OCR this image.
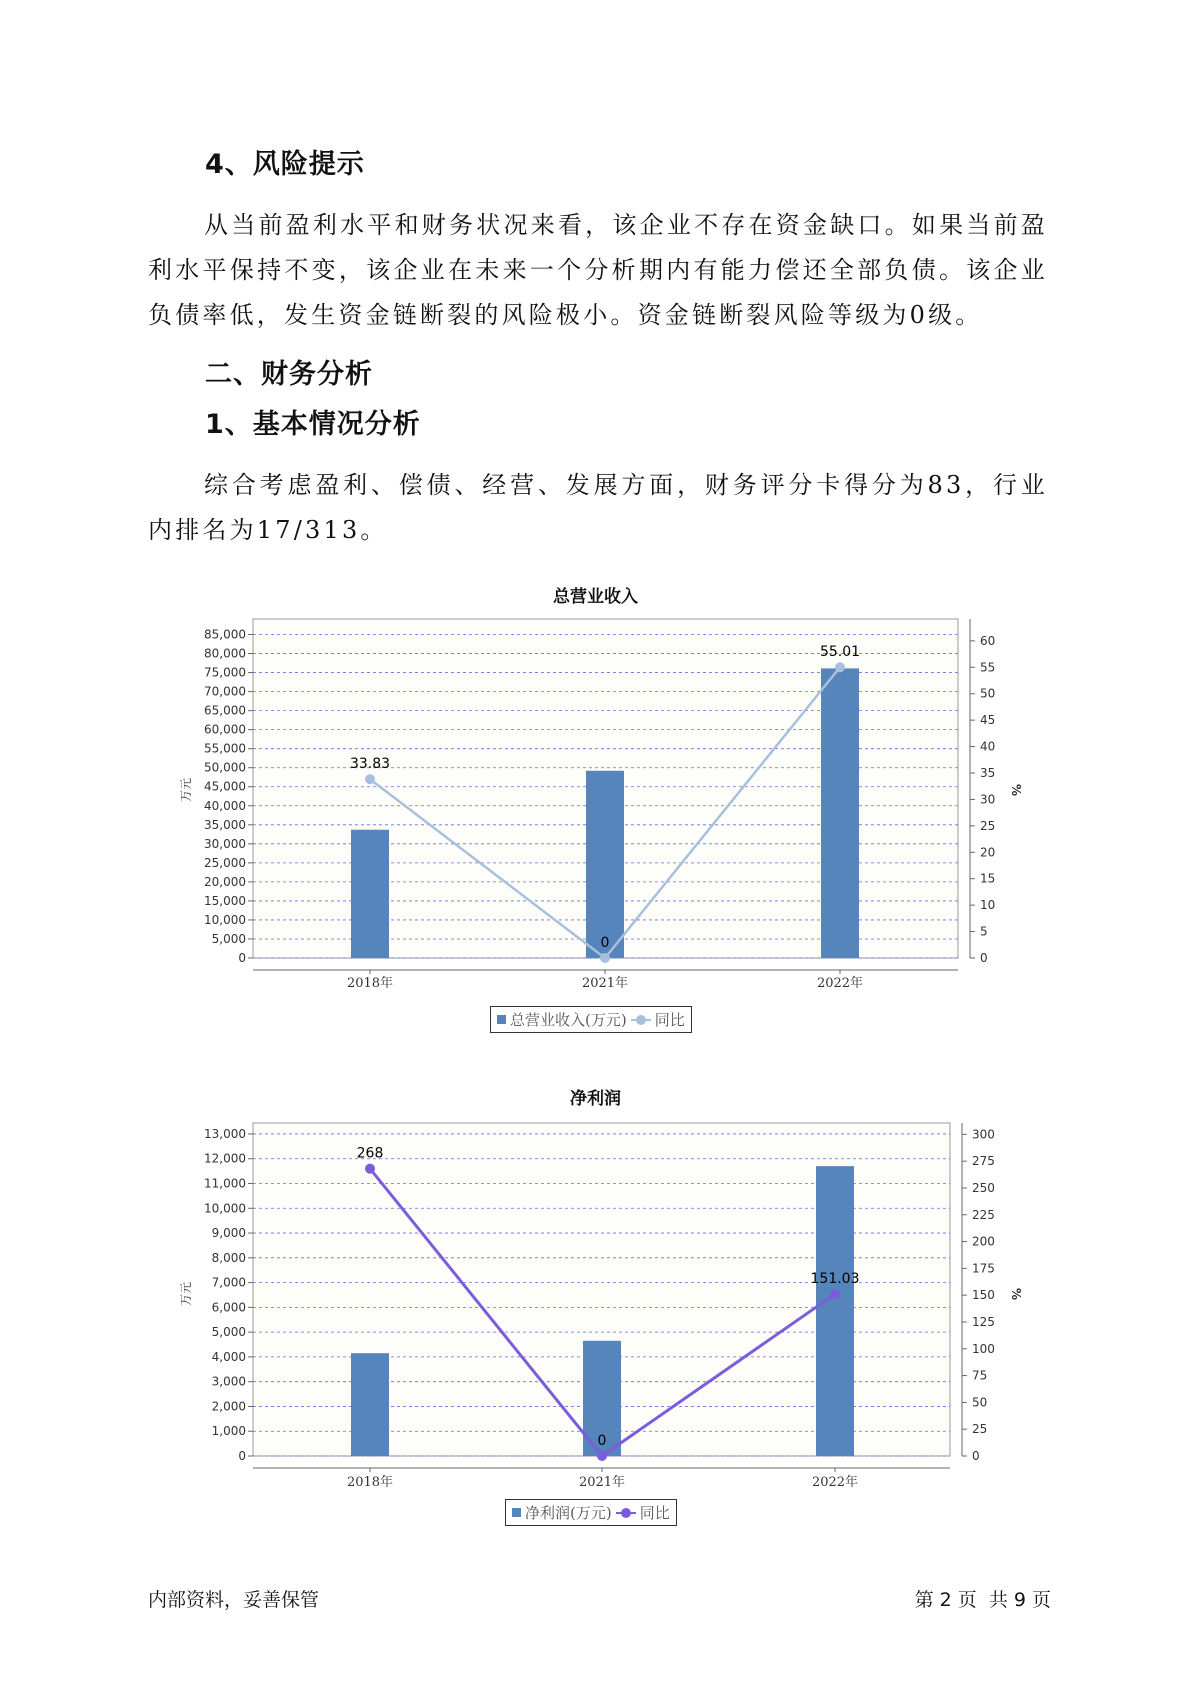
4、风险提示
从当前盈利水平和财务状况来看，该企业不存在资金缺口。如果当前盈利水平保持不变，该企业在未来一个分析期内有能力偿还全部负债。该企业负债率低，发生资金链断裂的风险极小。资金链断裂风险等级为0级。
二、财务分析
1、基本情况分析
综合考虑盈利、偿债、经营、发展方面，财务评分卡得分为83，行业内排名为17/313。
总营业收入
0
5,000
10,000
15,000
20,000
25,000
30,000
35,000
40,000
45,000
50,000
55,000
60,000
65,000
70,000
75,000
80,000
85,000
0
5
10
15
20
25
30
35
40
45
50
55
60
2018年	2021年	2022年
万元	%
33.83
0
55.01
总营业收入(万元) 同比
净利润
0
1,000
2,000
3,000
4,000
5,000
6,000
7,000
8,000
9,000
10,000
11,000
12,000
13,000
0
25
50
75
100
125
150
175
200
225
250
275
300
2018年	2021年	2022年
万元	%
268
0
151.03
净利润(万元) 同比
内部资料，妥善保管	第 2 页  共 9 页
